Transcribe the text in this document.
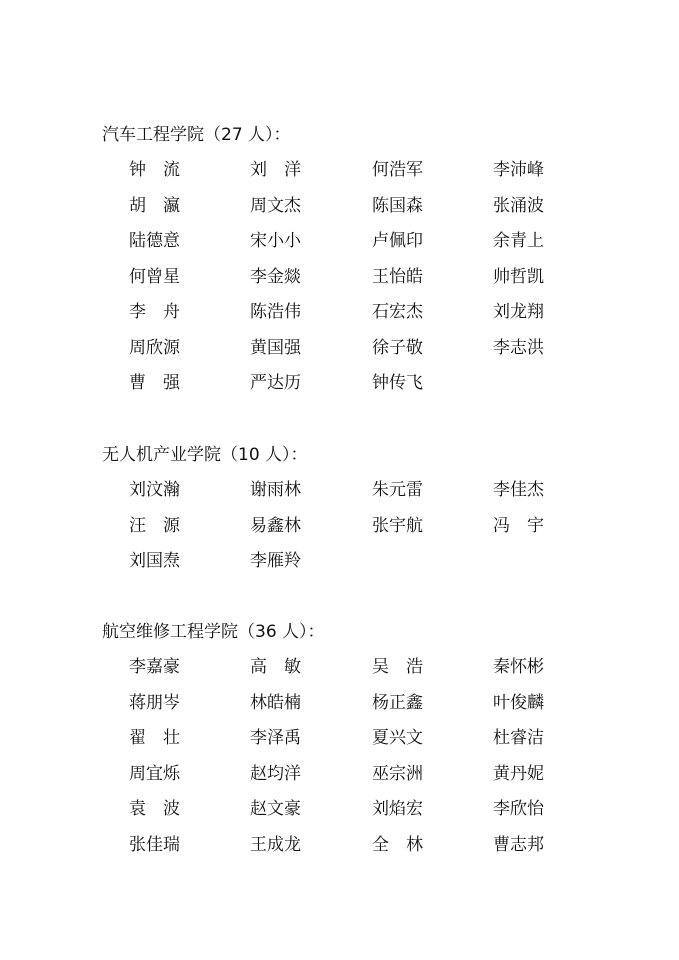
汽车工程学院（27 人）：
钟　流	刘　洋	何浩军	李沛峰
胡　瀛	周文杰	陈国森	张涌波
陆德意	宋小小	卢佩印	余青上
何曾星	李金燚	王怡皓	帅哲凯
李　舟	陈浩伟	石宏杰	刘龙翔
周欣源	黄国强	徐子敬	李志洪
曹　强	严达历	钟传飞
无人机产业学院（10 人）：
刘汶瀚	谢雨林	朱元雷	李佳杰
汪　源	易鑫林	张宇航	冯　宇
刘国焘	李雁羚
航空维修工程学院（36 人）：
李嘉豪	高　敏	吴　浩	秦怀彬
蒋朋岑	林皓楠	杨正鑫	叶俊麟
翟　壮	李泽禹	夏兴文	杜睿洁
周宜烁	赵均洋	巫宗洲	黄丹妮
袁　波	赵文豪	刘焰宏	李欣怡
张佳瑞	王成龙	全　林	曹志邦
